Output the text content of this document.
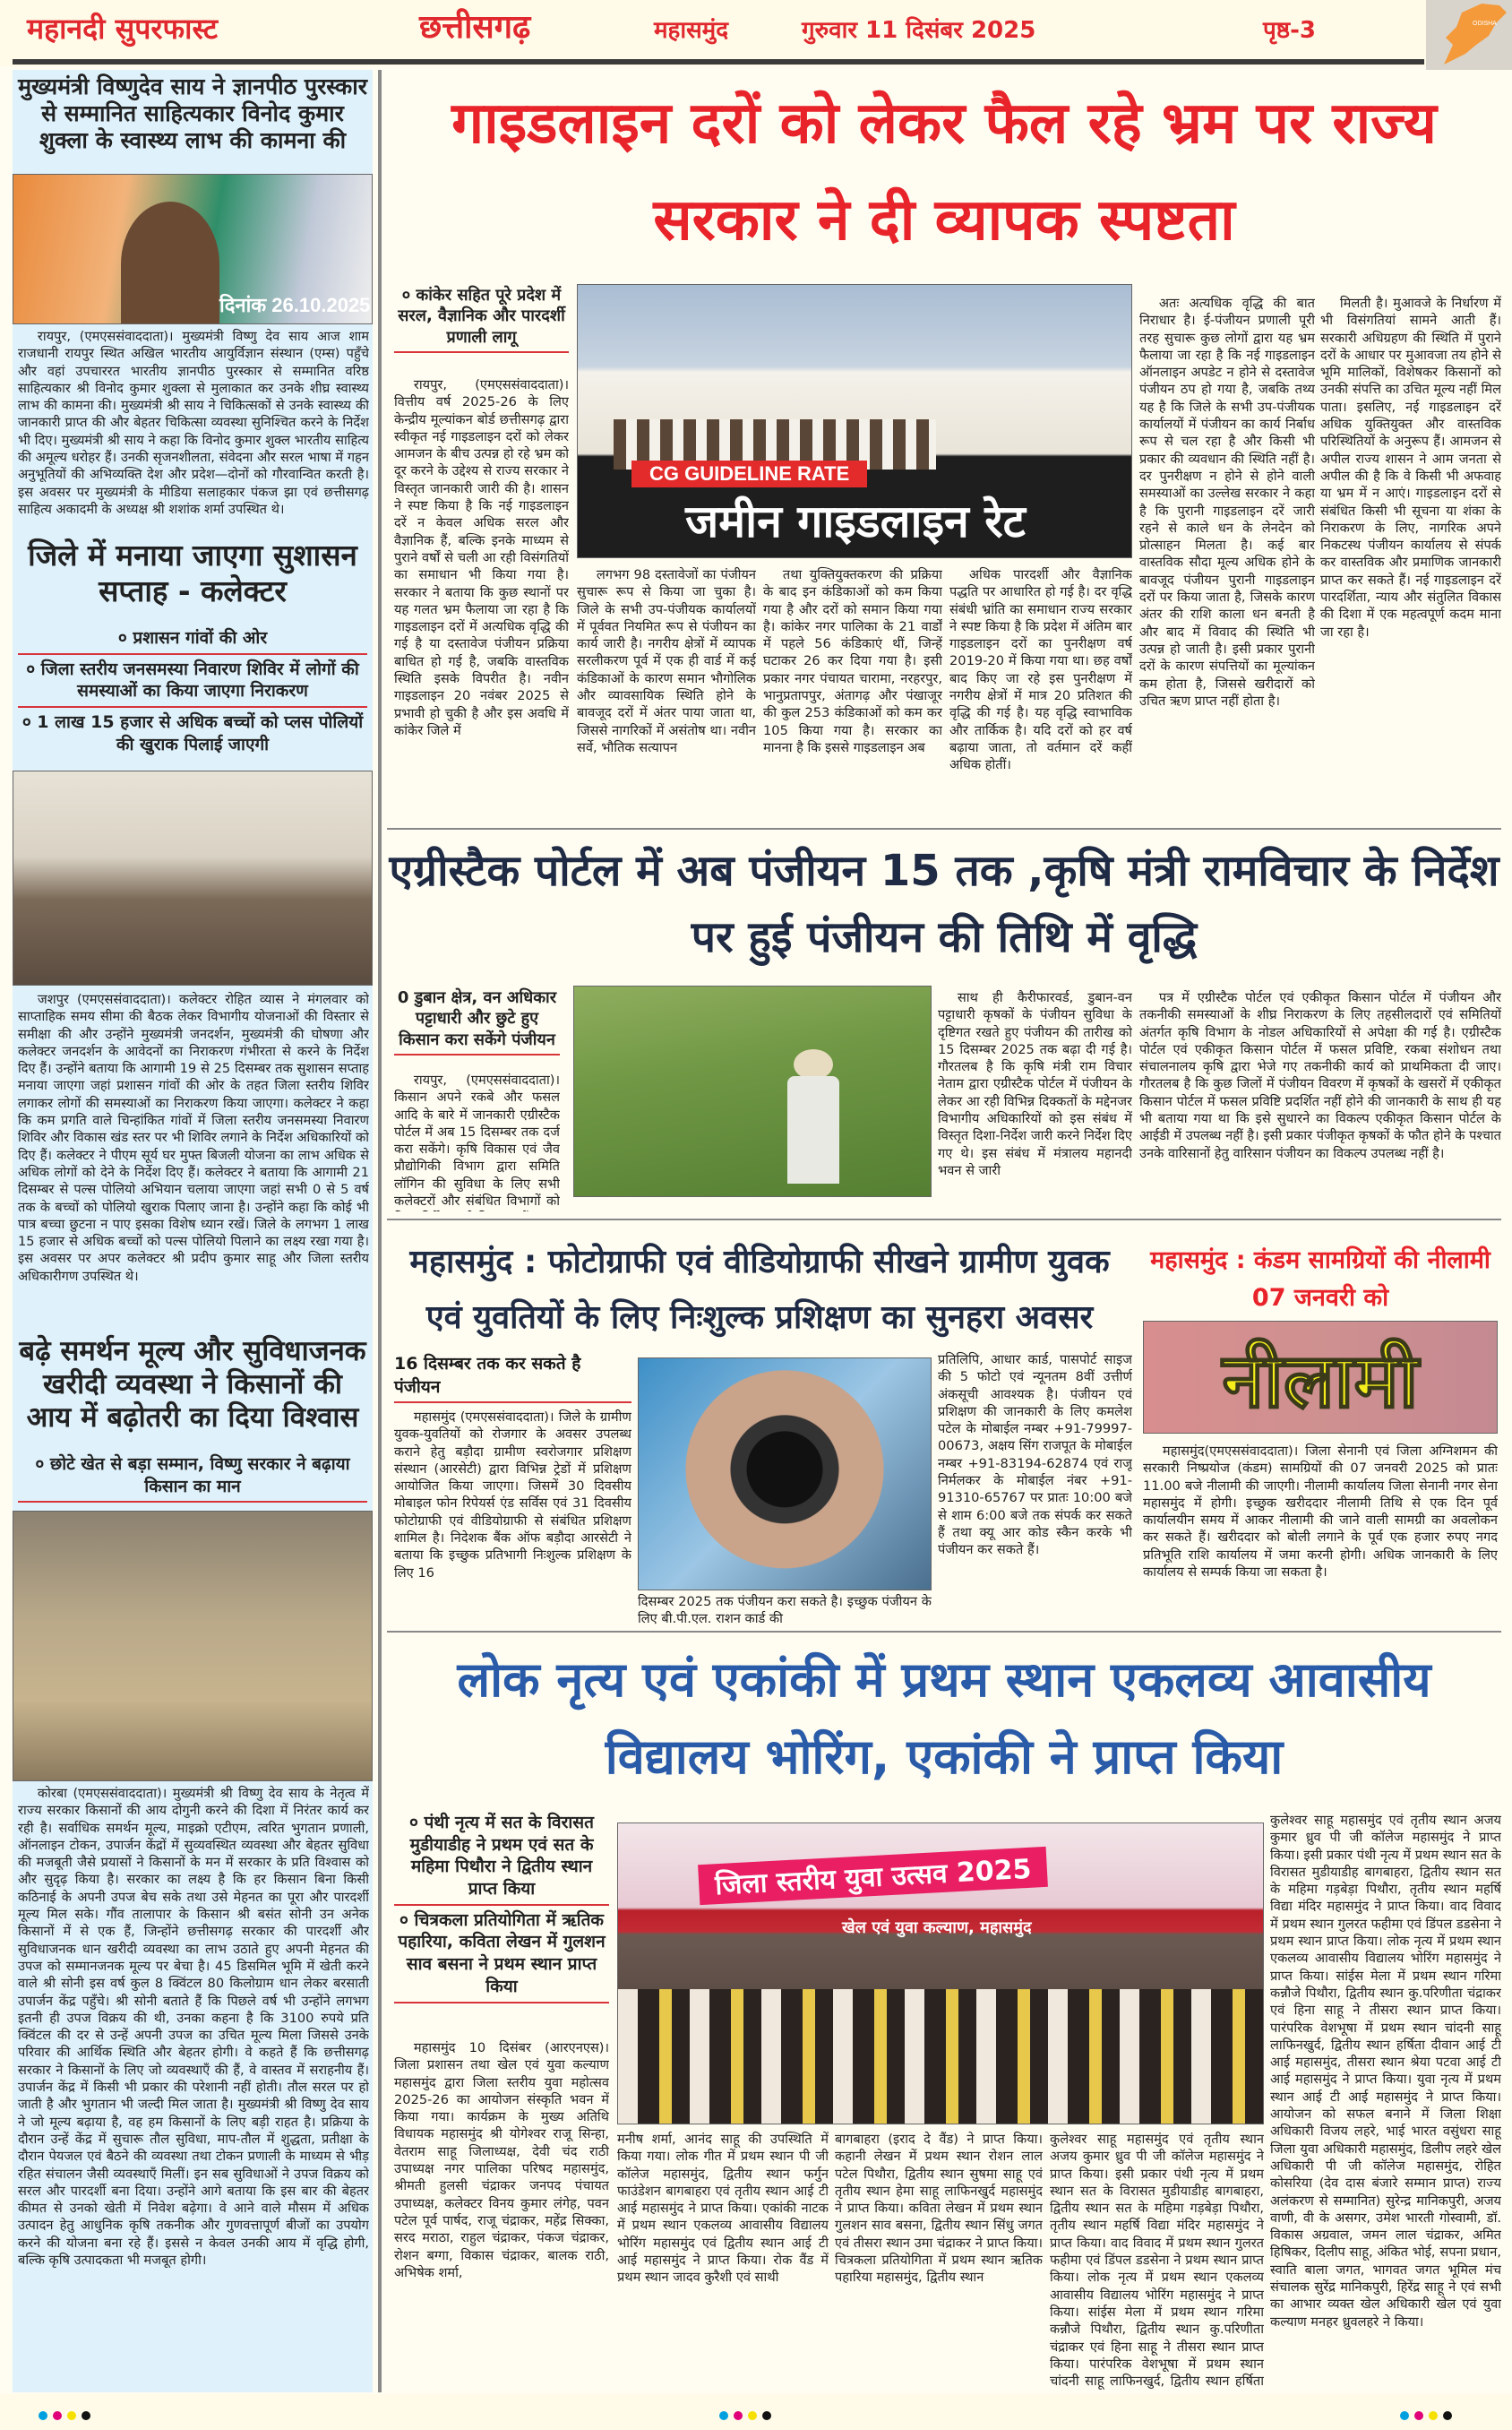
महानदी सुपरफास्ट	छत्तीसगढ़	महासमुंद	गुरुवार 11 दिसंबर 2025	पृष्ठ-3	ODISHA
मुख्यमंत्री विष्णुदेव साय ने ज्ञानपीठ पुरस्कार से सम्मानित साहित्यकार विनोद कुमार शुक्ला के स्वास्थ्य लाभ की कामना की
दिनांक 26.10.2025
रायपुर, (एमएससंवाददाता)। मुख्यमंत्री विष्णु देव साय आज शाम राजधानी रायपुर स्थित अखिल भारतीय आयुर्विज्ञान संस्थान (एम्स) पहुँचे और वहां उपचाररत भारतीय ज्ञानपीठ पुरस्कार से सम्मानित वरिष्ठ साहित्यकार श्री विनोद कुमार शुक्ला से मुलाकात कर उनके शीघ्र स्वास्थ्य लाभ की कामना की। मुख्यमंत्री श्री साय ने चिकित्सकों से उनके स्वास्थ्य की जानकारी प्राप्त की और बेहतर चिकित्सा व्यवस्था सुनिश्चित करने के निर्देश भी दिए। मुख्यमंत्री श्री साय ने कहा कि विनोद कुमार शुक्ल भारतीय साहित्य की अमूल्य धरोहर हैं। उनकी सृजनशीलता, संवेदना और सरल भाषा में गहन अनुभूतियों की अभिव्यक्ति देश और प्रदेश—दोनों को गौरवान्वित करती है। इस अवसर पर मुख्यमंत्री के मीडिया सलाहकार पंकज झा एवं छत्तीसगढ़ साहित्य अकादमी के अध्यक्ष श्री शशांक शर्मा उपस्थित थे।
जिले में मनाया जाएगा सुशासन सप्ताह - कलेक्टर
० प्रशासन गांवों की ओर
० जिला स्तरीय जनसमस्या निवारण शिविर में लोगों की समस्याओं का किया जाएगा निराकरण
० 1 लाख 15 हजार से अधिक बच्चों को प्लस पोलियों की खुराक पिलाई जाएगी
जशपुर (एमएससंवाददाता)। कलेक्टर रोहित व्यास ने मंगलवार को साप्ताहिक समय सीमा की बैठक लेकर विभागीय योजनाओं की विस्तार से समीक्षा की और उन्होंने मुख्यमंत्री जनदर्शन, मुख्यमंत्री की घोषणा और कलेक्टर जनदर्शन के आवेदनों का निराकरण गंभीरता से करने के निर्देश दिए हैं। उन्होंने बताया कि आगामी 19 से 25 दिसम्बर तक सुशासन सप्ताह मनाया जाएगा जहां प्रशासन गांवों की ओर के तहत जिला स्तरीय शिविर लगाकर लोगों की समस्याओं का निराकरण किया जाएगा। कलेक्टर ने कहा कि कम प्रगति वाले चिन्हांकित गांवों में जिला स्तरीय जनसमस्या निवारण शिविर और विकास खंड स्तर पर भी शिविर लगाने के निर्देश अधिकारियों को दिए हैं। कलेक्टर ने पीएम सूर्य घर मुफ्त बिजली योजना का लाभ अधिक से अधिक लोगों को देने के निर्देश दिए हैं। कलेक्टर ने बताया कि आगामी 21 दिसम्बर से पल्स पोलियो अभियान चलाया जाएगा जहां सभी 0 से 5 वर्ष तक के बच्चों को पोलियो खुराक पिलाए जाना है। उन्होंने कहा कि कोई भी पात्र बच्चा छुटना न पाए इसका विशेष ध्यान रखें। जिले के लगभग 1 लाख 15 हजार से अधिक बच्चों को पल्स पोलियो पिलाने का लक्ष्य रखा गया है। इस अवसर पर अपर कलेक्टर श्री प्रदीप कुमार साहू और जिला स्तरीय अधिकारीगण उपस्थित थे।
बढ़े समर्थन मूल्य और सुविधाजनक खरीदी व्यवस्था ने किसानों की आय में बढ़ोतरी का दिया विश्वास
० छोटे खेत से बड़ा सम्मान, विष्णु सरकार ने बढ़ाया किसान का मान
कोरबा (एमएससंवाददाता)। मुख्यमंत्री श्री विष्णु देव साय के नेतृत्व में राज्य सरकार किसानों की आय दोगुनी करने की दिशा में निरंतर कार्य कर रही है। सर्वाधिक समर्थन मूल्य, माइक्रो एटीएम, त्वरित भुगतान प्रणाली, ऑनलाइन टोकन, उपार्जन केंद्रों में सुव्यवस्थित व्यवस्था और बेहतर सुविधा की मजबूती जैसे प्रयासों ने किसानों के मन में सरकार के प्रति विश्वास को और सुदृढ़ किया है। सरकार का लक्ष्य है कि हर किसान बिना किसी कठिनाई के अपनी उपज बेच सके तथा उसे मेहनत का पूरा और पारदर्शी मूल्य मिल सके। गौंव तालापार के किसान श्री बसंत सोनी उन अनेक किसानों में से एक हैं, जिन्होंने छत्तीसगढ़ सरकार की पारदर्शी और सुविधाजनक धान खरीदी व्यवस्था का लाभ उठाते हुए अपनी मेहनत की उपज को सम्मानजनक मूल्य पर बेचा है। 45 डिसमिल भूमि में खेती करने वाले श्री सोनी इस वर्ष कुल 8 क्विंटल 80 किलोग्राम धान लेकर बरसाती उपार्जन केंद्र पहुँचे। श्री सोनी बताते हैं कि पिछले वर्ष भी उन्होंने लगभग इतनी ही उपज विक्रय की थी, उनका कहना है कि 3100 रुपये प्रति क्विंटल की दर से उन्हें अपनी उपज का उचित मूल्य मिला जिससे उनके परिवार की आर्थिक स्थिति और बेहतर होगी। वे कहते हैं कि छत्तीसगढ़ सरकार ने किसानों के लिए जो व्यवस्थाएँ की हैं, वे वास्तव में सराहनीय हैं। उपार्जन केंद्र में किसी भी प्रकार की परेशानी नहीं होती। तौल सरल पर हो जाती है और भुगतान भी जल्दी मिल जाता है। मुख्यमंत्री श्री विष्णु देव साय ने जो मूल्य बढ़ाया है, वह हम किसानों के लिए बड़ी राहत है। प्रक्रिया के दौरान उन्हें केंद्र में सुचारू तौल सुविधा, माप-तौल में शुद्धता, प्रतीक्षा के दौरान पेयजल एवं बैठने की व्यवस्था तथा टोकन प्रणाली के माध्यम से भीड़ रहित संचालन जैसी व्यवस्थाएँ मिलीं। इन सब सुविधाओं ने उपज विक्रय को सरल और पारदर्शी बना दिया। उन्होंने आगे बताया कि इस बार की बेहतर कीमत से उनको खेती में निवेश बढ़ेगा। वे आने वाले मौसम में अधिक उत्पादन हेतु आधुनिक कृषि तकनीक और गुणवत्तापूर्ण बीजों का उपयोग करने की योजना बना रहे हैं। इससे न केवल उनकी आय में वृद्धि होगी, बल्कि कृषि उत्पादकता भी मजबूत होगी।
गाइडलाइन दरों को लेकर फैल रहे भ्रम पर राज्य सरकार ने दी व्यापक स्पष्टता
० कांकेर सहित पूरे प्रदेश में सरल, वैज्ञानिक और पारदर्शी प्रणाली लागू
रायपुर, (एमएससंवाददाता)। वित्तीय वर्ष 2025-26 के लिए केन्द्रीय मूल्यांकन बोर्ड छत्तीसगढ़ द्वारा स्वीकृत नई गाइडलाइन दरों को लेकर आमजन के बीच उत्पन्न हो रहे भ्रम को दूर करने के उद्देश्य से राज्य सरकार ने विस्तृत जानकारी जारी की है। शासन ने स्पष्ट किया है कि नई गाइडलाइन दरें न केवल अधिक सरल और वैज्ञानिक हैं, बल्कि इनके माध्यम से पुराने वर्षों से चली आ रही विसंगतियों का समाधान भी किया गया है। सरकार ने बताया कि कुछ स्थानों पर यह गलत भ्रम फैलाया जा रहा है कि गाइडलाइन दरों में अत्यधिक वृद्धि की गई है या दस्तावेज पंजीयन प्रक्रिया बाधित हो गई है, जबकि वास्तविक स्थिति इसके विपरीत है। नवीन गाइडलाइन 20 नवंबर 2025 से प्रभावी हो चुकी है और इस अवधि में कांकेर जिले में
CG GUIDELINE RATE
जमीन गाइडलाइन रेट
लगभग 98 दस्तावेजों का पंजीयन सुचारू रूप से किया जा चुका है। जिले के सभी उप-पंजीयक कार्यालयों में पूर्ववत नियमित रूप से पंजीयन का कार्य जारी है। नगरीय क्षेत्रों में व्यापक सरलीकरण पूर्व में एक ही वार्ड में कई कंडिकाओं के कारण समान भौगोलिक और व्यावसायिक स्थिति होने के बावजूद दरों में अंतर पाया जाता था, जिससे नागरिकों में असंतोष था। नवीन सर्वे, भौतिक सत्यापन
तथा युक्तियुक्तकरण की प्रक्रिया के बाद इन कंडिकाओं को कम किया गया है और दरों को समान किया गया है। कांकेर नगर पालिका के 21 वार्डों में पहले 56 कंडिकाएं थीं, जिन्हें घटाकर 26 कर दिया गया है। इसी प्रकार नगर पंचायत चारामा, नरहरपुर, भानुप्रतापपुर, अंतागढ़ और पंखाजूर की कुल 253 कंडिकाओं को कम कर 105 किया गया है। सरकार का मानना है कि इससे गाइडलाइन अब
अधिक पारदर्शी और वैज्ञानिक पद्धति पर आधारित हो गई है। दर वृद्धि संबंधी भ्रांति का समाधान राज्य सरकार ने स्पष्ट किया है कि प्रदेश में अंतिम बार गाइडलाइन दरों का पुनरीक्षण वर्ष 2019-20 में किया गया था। छह वर्षों बाद किए जा रहे इस पुनरीक्षण में नगरीय क्षेत्रों में मात्र 20 प्रतिशत की वृद्धि की गई है। यह वृद्धि स्वाभाविक और तार्किक है। यदि दरों को हर वर्ष बढ़ाया जाता, तो वर्तमान दरें कहीं अधिक होतीं।
अतः अत्यधिक वृद्धि की बात निराधार है। ई-पंजीयन प्रणाली पूरी तरह सुचारू कुछ लोगों द्वारा यह भ्रम फैलाया जा रहा है कि नई गाइडलाइन ऑनलाइन अपडेट न होने से दस्तावेज पंजीयन ठप हो गया है, जबकि तथ्य यह है कि जिले के सभी उप-पंजीयक कार्यालयों में पंजीयन का कार्य निर्बाध रूप से चल रहा है और किसी भी प्रकार की व्यवधान की स्थिति नहीं है। दर पुनरीक्षण न होने से होने वाली समस्याओं का उल्लेख सरकार ने कहा है कि पुरानी गाइडलाइन दरें जारी रहने से काले धन के लेनदेन को प्रोत्साहन मिलता है। कई बार वास्तविक सौदा मूल्य अधिक होने के बावजूद पंजीयन पुरानी गाइडलाइन दरों पर किया जाता है, जिसके कारण अंतर की राशि काला धन बनती है और बाद में विवाद की स्थिति भी उत्पन्न हो जाती है। इसी प्रकार पुरानी दरों के कारण संपत्तियों का मूल्यांकन कम होता है, जिससे खरीदारों को उचित ऋण प्राप्त नहीं होता है।
मिलती है। मुआवजे के निर्धारण में भी विसंगतियां सामने आती हैं। सरकारी अधिग्रहण की स्थिति में पुराने दरों के आधार पर मुआवजा तय होने से भूमि मालिकों, विशेषकर किसानों को उनकी संपत्ति का उचित मूल्य नहीं मिल पाता। इसलिए, नई गाइडलाइन दरें अधिक युक्तियुक्त और वास्तविक परिस्थितियों के अनुरूप हैं। आमजन से अपील राज्य शासन ने आम जनता से अपील की है कि वे किसी भी अफवाह या भ्रम में न आएं। गाइडलाइन दरों से संबंधित किसी भी सूचना या शंका के निराकरण के लिए, नागरिक अपने निकटस्थ पंजीयन कार्यालय से संपर्क कर वास्तविक और प्रमाणिक जानकारी प्राप्त कर सकते हैं। नई गाइडलाइन दरें पारदर्शिता, न्याय और संतुलित विकास की दिशा में एक महत्वपूर्ण कदम माना जा रहा है।
एग्रीस्टैक पोर्टल में अब पंजीयन 15 तक ,कृषि मंत्री रामविचार के निर्देश पर हुई पंजीयन की तिथि में वृद्धि
0 डुबान क्षेत्र, वन अधिकार पट्टाधारी और छुटे हुए किसान करा सकेंगे पंजीयन
रायपुर, (एमएससंवाददाता)। किसान अपने रकबे और फसल आदि के बारे में जानकारी एग्रीस्टैक पोर्टल में अब 15 दिसम्बर तक दर्ज करा सकेंगे। कृषि विकास एवं जैव प्रौद्योगिकी विभाग द्वारा समिति लॉगिन की सुविधा के लिए सभी कलेक्टरों और संबंधित विभागों को
साथ ही कैरीफारवर्ड, डुबान-वन पट्टाधारी कृषकों के पंजीयन सुविधा के दृष्टिगत रखते हुए पंजीयन की तारीख को 15 दिसम्बर 2025 तक बढ़ा दी गई है। गौरतलब है कि कृषि मंत्री राम विचार नेताम द्वारा एग्रीस्टैक पोर्टल में पंजीयन के लेकर आ रही विभिन्न दिक्कतों के मद्देनजर विभागीय अधिकारियों को इस संबंध में विस्तृत दिशा-निर्देश जारी करने निर्देश दिए गए थे। इस संबंध में मंत्रालय महानदी भवन से जारी
पत्र में एग्रीस्टैक पोर्टल एवं एकीकृत किसान पोर्टल में पंजीयन और तकनीकी समस्याओं के शीघ्र निराकरण के लिए तहसीलदारों एवं समितियों अंतर्गत कृषि विभाग के नोडल अधिकारियों से अपेक्षा की गई है। एग्रीस्टैक पोर्टल एवं एकीकृत किसान पोर्टल में फसल प्रविष्टि, रकबा संशोधन तथा संचालनालय कृषि द्वारा भेजे गए तकनीकी कार्य को प्राथमिकता दी जाए। गौरतलब है कि कुछ जिलों में पंजीयन विवरण में कृषकों के खसरों में एकीकृत किसान पोर्टल में फसल प्रविष्टि प्रदर्शित नहीं होने की जानकारी के साथ ही यह भी बताया गया था कि इसे सुधारने का विकल्प एकीकृत किसान पोर्टल के आईडी में उपलब्ध नहीं है। इसी प्रकार पंजीकृत कृषकों के फौत होने के पश्चात उनके वारिसानों हेतु वारिसान पंजीयन का विकल्प उपलब्ध नहीं है।
महासमुंद : फोटोग्राफी एवं वीडियोग्राफी सीखने ग्रामीण युवक एवं युवतियों के लिए निःशुल्क प्रशिक्षण का सुनहरा अवसर
16 दिसम्बर तक कर सकते है पंजीयन
महासमुंद (एमएससंवाददाता)। जिले के ग्रामीण युवक-युवतियों को रोजगार के अवसर उपलब्ध कराने हेतु बड़ौदा ग्रामीण स्वरोजगार प्रशिक्षण संस्थान (आरसेटी) द्वारा विभिन्न ट्रेडों में प्रशिक्षण आयोजित किया जाएगा। जिसमें 30 दिवसीय मोबाइल फोन रिपेयर्स एंड सर्विस एवं 31 दिवसीय फोटोग्राफी एवं वीडियोग्राफी से संबंधित प्रशिक्षण शामिल है। निदेशक बैंक ऑफ बड़ौदा आरसेटी ने बताया कि इच्छुक प्रतिभागी निःशुल्क प्रशिक्षण के लिए 16
दिसम्बर 2025 तक पंजीयन करा सकते है। इच्छुक पंजीयन के लिए बी.पी.एल. राशन कार्ड की
प्रतिलिपि, आधार कार्ड, पासपोर्ट साइज की 5 फोटो एवं न्यूनतम 8वीं उत्तीर्ण अंकसूची आवश्यक है। पंजीयन एवं प्रशिक्षण की जानकारी के लिए कमलेश पटेल के मोबाईल नम्बर +91-79997-00673, अक्षय सिंग राजपूत के मोबाईल नम्बर +91-83194-62874 एवं राजू निर्मलकर के मोबाईल नंबर +91-91310-65767 पर प्रातः 10:00 बजे से शाम 6:00 बजे तक संपर्क कर सकते हैं तथा क्यू आर कोड स्कैन करके भी पंजीयन कर सकते हैं।
महासमुंद : कंडम सामग्रियों की नीलामी 07 जनवरी को
नीलामी
महासमुंद(एमएससंवाददाता)। जिला सेनानी एवं जिला अग्निशमन की सरकारी निष्प्रयोज (कंडम) सामग्रियों की 07 जनवरी 2025 को प्रातः 11.00 बजे नीलामी की जाएगी। नीलामी कार्यालय जिला सेनानी नगर सेना महासमुंद में होगी। इच्छुक खरीददार नीलामी तिथि से एक दिन पूर्व कार्यालयीन समय में आकर नीलामी की जाने वाली सामग्री का अवलोकन कर सकते हैं। खरीददार को बोली लगाने के पूर्व एक हजार रुपए नगद प्रतिभूति राशि कार्यालय में जमा करनी होगी। अधिक जानकारी के लिए कार्यालय से सम्पर्क किया जा सकता है।
लोक नृत्य एवं एकांकी में प्रथम स्थान एकलव्य आवासीय विद्यालय भोरिंग, एकांकी ने प्राप्त किया
० पंथी नृत्य में सत के विरासत मुडीयाडीह ने प्रथम एवं सत के महिमा पिथौरा ने द्वितीय स्थान प्राप्त किया
० चित्रकला प्रतियोगिता में ऋतिक पहारिया, कविता लेखन में गुलशन साव बसना ने प्रथम स्थान प्राप्त किया
महासमुंद 10 दिसंबर (आरएनएस)। जिला प्रशासन तथा खेल एवं युवा कल्याण महासमुंद द्वारा जिला स्तरीय युवा महोत्सव 2025-26 का आयोजन संस्कृति भवन में किया गया। कार्यक्रम के मुख्य अतिथि विधायक महासमुंद श्री योगेश्वर राजू सिन्हा, वेतराम साहू जिलाध्यक्ष, देवी चंद राठी उपाध्यक्ष नगर पालिका परिषद महासमुंद, श्रीमती हुलसी चंद्राकर जनपद पंचायत उपाध्यक्ष, कलेक्टर विनय कुमार लंगेह, पवन पटेल पूर्व पार्षद, राजू चंद्राकर, महेंद्र सिक्का, सरद मराठा, राहुल चंद्राकर, पंकज चंद्राकर, रोशन बग्गा, विकास चंद्राकर, बालक राठी, अभिषेक शर्मा,
जिला स्तरीय युवा उत्सव 2025
खेल एवं युवा कल्याण, महासमुंद
मनीष शर्मा, आनंद साहू की उपस्थिति में किया गया। लोक गीत में प्रथम स्थान पी जी कॉलेज महासमुंद, द्वितीय स्थान फर्गुन फाउंडेशन बागबाहरा एवं तृतीय स्थान आई टी आई महासमुंद ने प्राप्त किया। एकांकी नाटक में प्रथम स्थान एकलव्य आवासीय विद्यालय भोरिंग महासमुंद एवं द्वितीय स्थान आई टी आई महासमुंद ने प्राप्त किया। रोक वैंड में प्रथम स्थान जादव कुरैशी एवं साथी
बागबाहरा (इराद दे वैंड) ने प्राप्त किया। कहानी लेखन में प्रथम स्थान रोशन लाल पटेल पिथौरा, द्वितीय स्थान सुषमा साहू एवं तृतीय स्थान हेमा साहू लाफिनखुर्द महासमुंद ने प्राप्त किया। कविता लेखन में प्रथम स्थान गुलशन साव बसना, द्वितीय स्थान सिंधु जगत एवं तीसरा स्थान उमा चंद्राकर ने प्राप्त किया। चित्रकला प्रतियोगिता में प्रथम स्थान ऋतिक पहारिया महासमुंद, द्वितीय स्थान
कुलेश्वर साहू महासमुंद एवं तृतीय स्थान अजय कुमार ध्रुव पी जी कॉलेज महासमुंद ने प्राप्त किया। इसी प्रकार पंथी नृत्य में प्रथम स्थान सत के विरासत मुडीयाडीह बागबाहरा, द्वितीय स्थान सत के महिमा गड़बेड़ा पिथौरा, तृतीय स्थान महर्षि विद्या मंदिर महासमुंद ने प्राप्त किया। वाद विवाद में प्रथम स्थान गुलरत फहीमा एवं डिंपल डडसेना ने प्रथम स्थान प्राप्त किया। लोक नृत्य में प्रथम स्थान एकलव्य आवासीय विद्यालय भोरिंग महासमुंद ने प्राप्त किया। सांईस मेला में प्रथम स्थान गरिमा कन्नौजे पिथौरा, द्वितीय स्थान कु.परिणीता चंद्राकर एवं हिना साहू ने तीसरा स्थान प्राप्त किया। पारंपरिक वेशभूषा में प्रथम स्थान चांदनी साहू लाफिनखुर्द, द्वितीय स्थान हर्षिता
कुलेश्वर साहू महासमुंद एवं तृतीय स्थान अजय कुमार ध्रुव पी जी कॉलेज महासमुंद ने प्राप्त किया। इसी प्रकार पंथी नृत्य में प्रथम स्थान सत के विरासत मुडीयाडीह बागबाहरा, द्वितीय स्थान सत के महिमा गड़बेड़ा पिथौरा, तृतीय स्थान महर्षि विद्या मंदिर महासमुंद ने प्राप्त किया। वाद विवाद में प्रथम स्थान गुलरत फहीमा एवं डिंपल डडसेना ने प्रथम स्थान प्राप्त किया। लोक नृत्य में प्रथम स्थान एकलव्य आवासीय विद्यालय भोरिंग महासमुंद ने प्राप्त किया। सांईस मेला में प्रथम स्थान गरिमा कन्नौजे पिथौरा, द्वितीय स्थान कु.परिणीता चंद्राकर एवं हिना साहू ने तीसरा स्थान प्राप्त किया। पारंपरिक वेशभूषा में प्रथम स्थान चांदनी साहू लाफिनखुर्द, द्वितीय स्थान हर्षिता दीवान आई टी आई महासमुंद, तीसरा स्थान श्रेया पटवा आई टी आई महासमुंद ने प्राप्त किया। युवा नृत्य में प्रथम स्थान आई टी आई महासमुंद ने प्राप्त किया। आयोजन को सफल बनाने में जिला शिक्षा अधिकारी विजय लहरे, भाई भारत वसुंधरा साहू जिला युवा अधिकारी महासमुंद, डिलीप लहरे खेल अधिकारी पी जी कॉलेज महासमुंद, रोहित कोसरिया (देव दास बंजारे सम्मान प्राप्त) राज्य अलंकरण से सम्मानित) सुरेन्द्र मानिकपुरी, अजय वाणी, वी के असगर, उमेश भारती गोस्वामी, डॉ. विकास अग्रवाल, जमन लाल चंद्राकर, अमित हिषिकर, दिलीप साहू, अंकित भोई, सपना प्रधान, स्वाति बाला जगत, भागवत जगत भूमिल मंच संचालक सुरेंद्र मानिकपुरी, हिरेंद्र साहू ने एवं सभी का आभार व्यक्त खेल अधिकारी खेल एवं युवा कल्याण मनहर ध्रुवलहरे ने किया।
